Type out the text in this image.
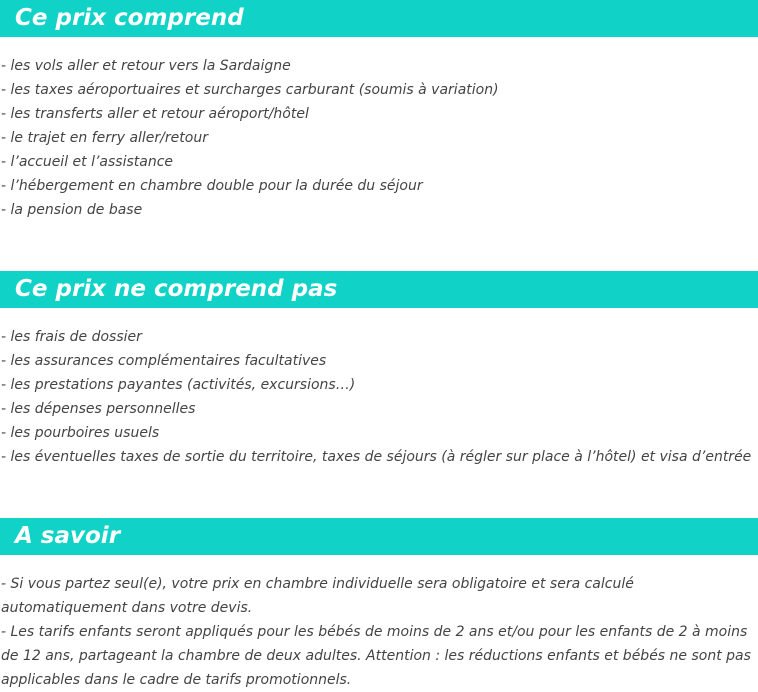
Ce prix comprend
- les vols aller et retour vers la Sardaigne
- les taxes aéroportuaires et surcharges carburant (soumis à variation)
- les transferts aller et retour aéroport/hôtel
- le trajet en ferry aller/retour
- l’accueil et l’assistance
- l’hébergement en chambre double pour la durée du séjour
- la pension de base
Ce prix ne comprend pas
- les frais de dossier
- les assurances complémentaires facultatives
- les prestations payantes (activités, excursions…)
- les dépenses personnelles
- les pourboires usuels
- les éventuelles taxes de sortie du territoire, taxes de séjours (à régler sur place à l’hôtel) et visa d’entrée
A savoir

- Si vous partez seul(e), votre prix en chambre individuelle sera obligatoire et sera calculé automatiquement dans votre devis.

- Les tarifs enfants seront appliqués pour les bébés de moins de 2 ans et/ou pour les enfants de 2 à moins de 12 ans, partageant la chambre de deux adultes. Attention : les réductions enfants et bébés ne sont pas applicables dans le cadre de tarifs promotionnels.
